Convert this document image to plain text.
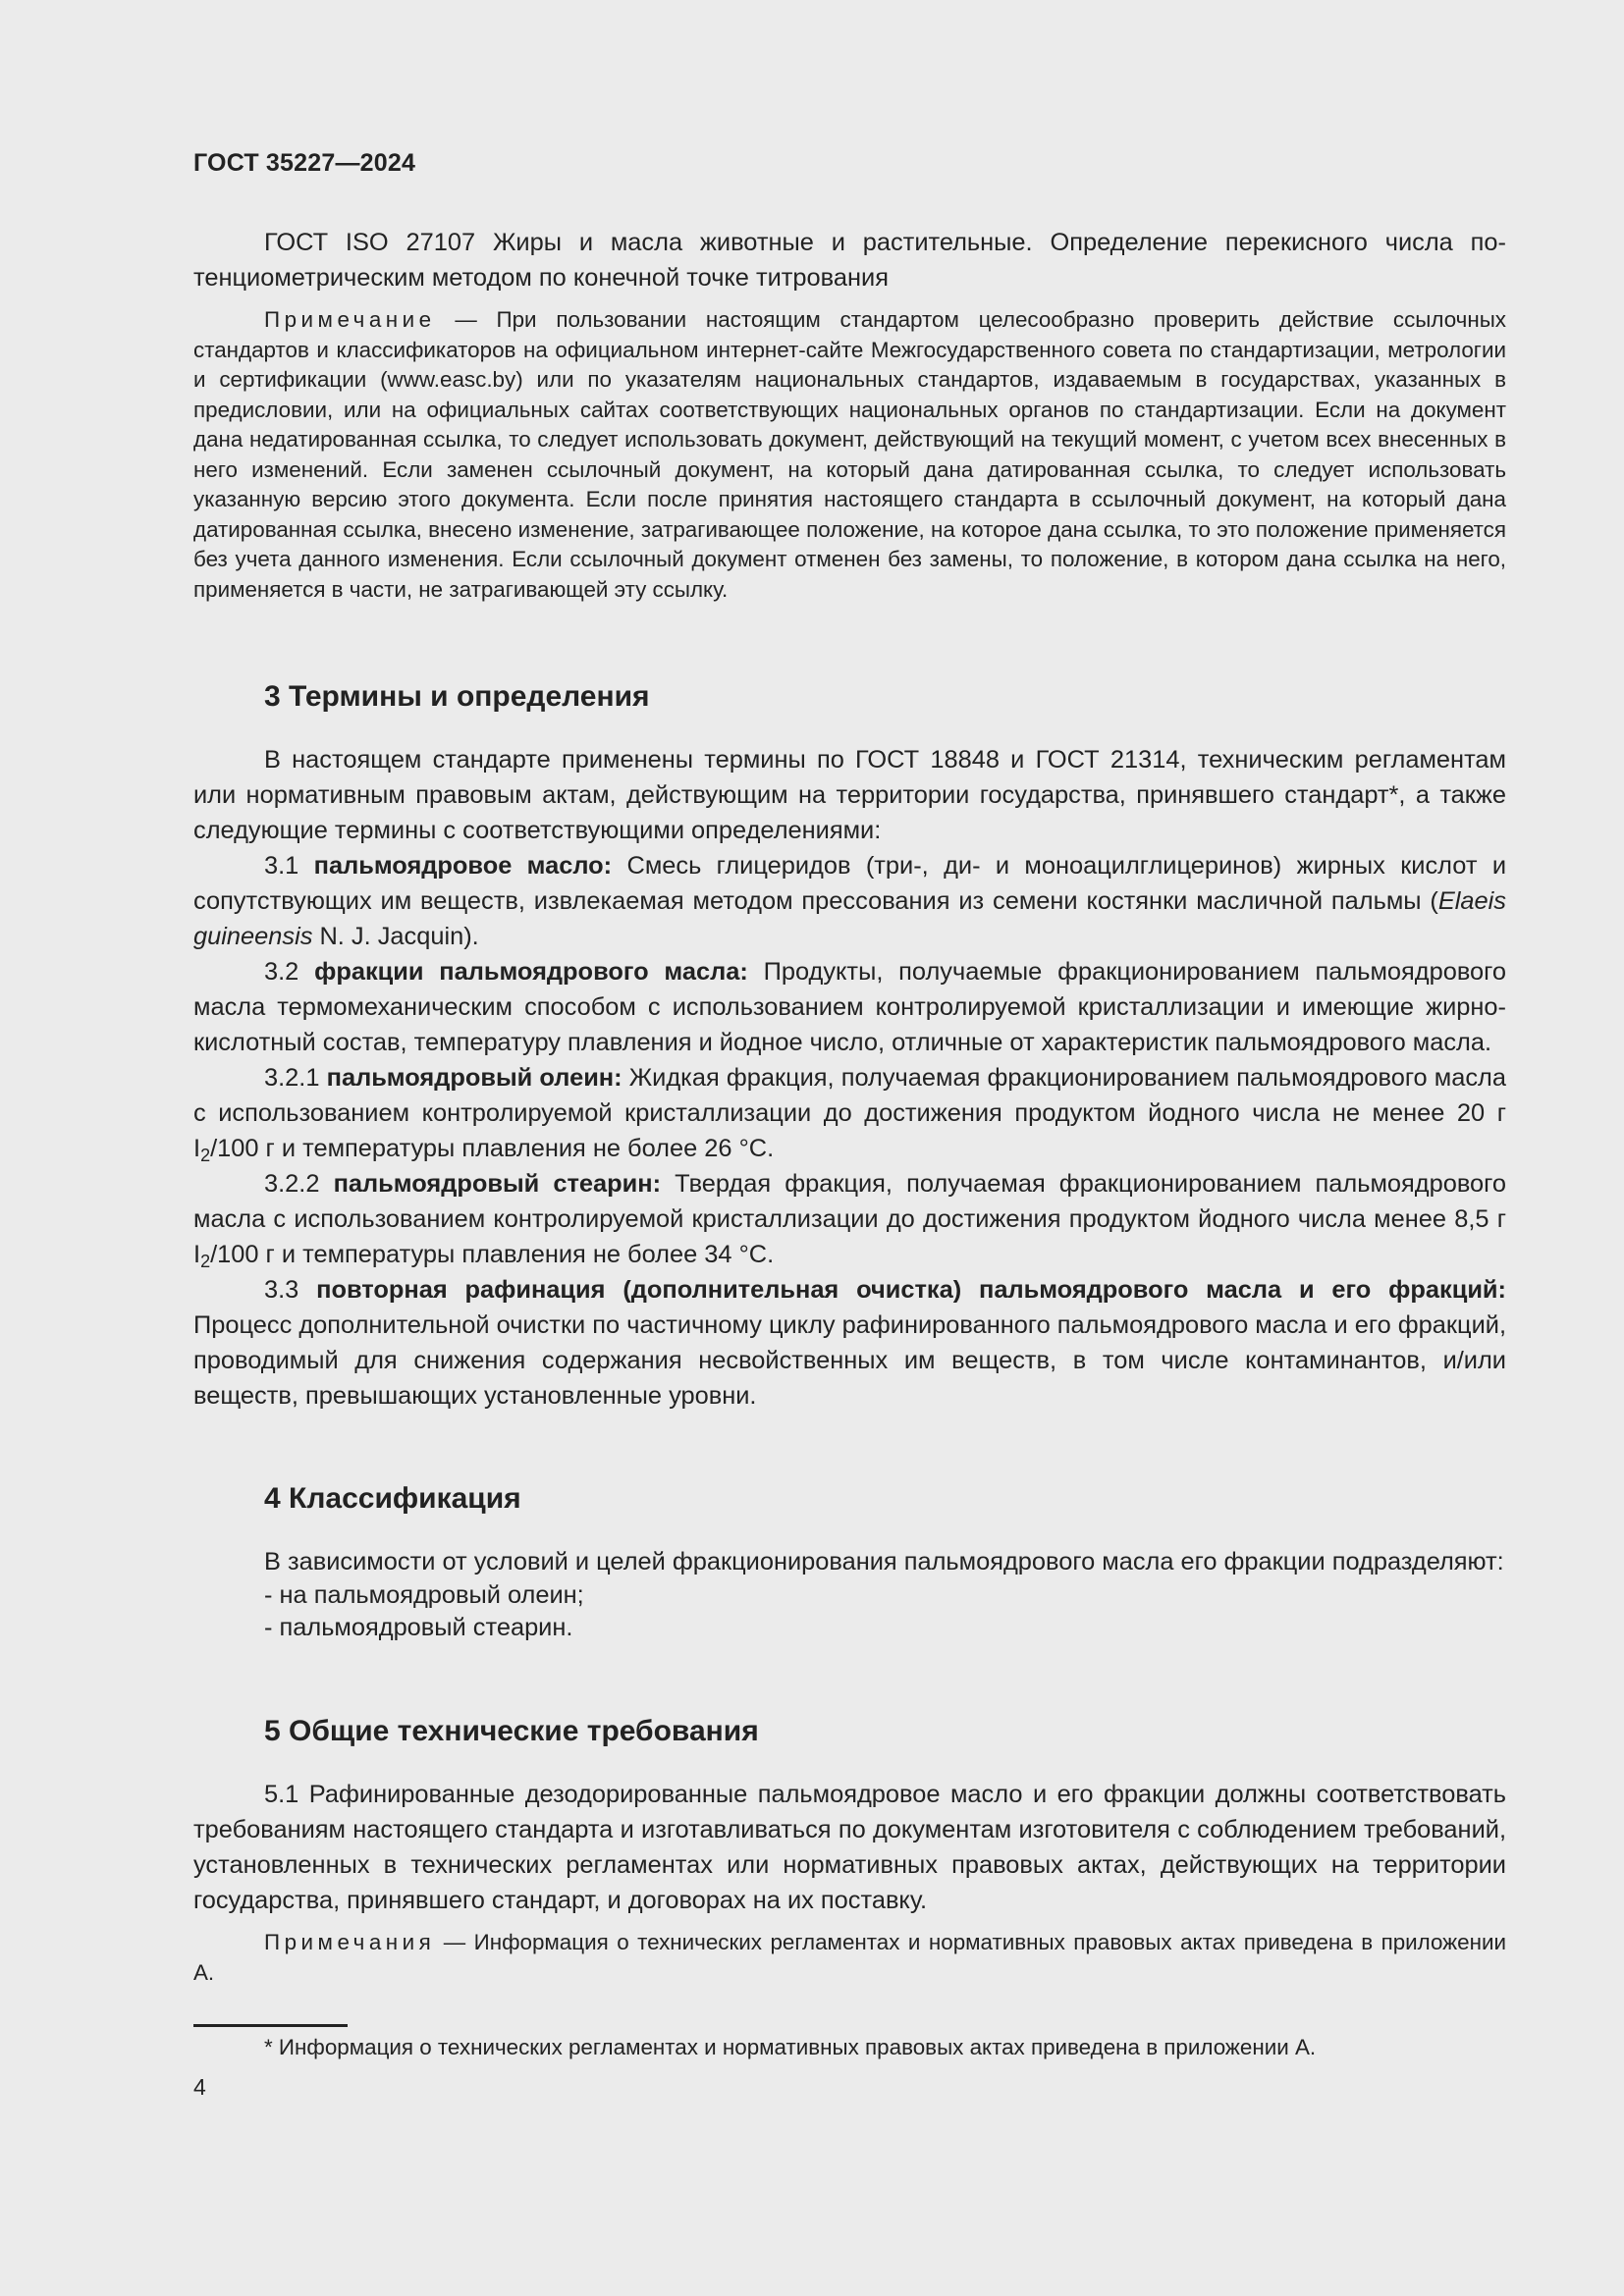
ГОСТ 35227—2024

ГОСТ ISO 27107 Жиры и масла животные и растительные. Определение перекисного числа потенциометрическим методом по конечной точке титрования

Примечание — При пользовании настоящим стандартом целесообразно проверить действие ссылочных стандартов и классификаторов на официальном интернет-сайте Межгосударственного совета по стандартизации, метрологии и сертификации (www.easc.by) или по указателям национальных стандартов, издаваемым в государствах, указанных в предисловии, или на официальных сайтах соответствующих национальных органов по стандартизации. Если на документ дана недатированная ссылка, то следует использовать документ, действующий на текущий момент, с учетом всех внесенных в него изменений. Если заменен ссылочный документ, на который дана датированная ссылка, то следует использовать указанную версию этого документа. Если после принятия настоящего стандарта в ссылочный документ, на который дана датированная ссылка, внесено изменение, затрагивающее положение, на которое дана ссылка, то это положение применяется без учета данного изменения. Если ссылочный документ отменен без замены, то положение, в котором дана ссылка на него, применяется в части, не затрагивающей эту ссылку.

3 Термины и определения

В настоящем стандарте применены термины по ГОСТ 18848 и ГОСТ 21314, техническим регламентам или нормативным правовым актам, действующим на территории государства, принявшего стандарт*, а также следующие термины с соответствующими определениями:

3.1 пальмоядровое масло: Смесь глицеридов (три-, ди- и моноацилглицеринов) жирных кислот и сопутствующих им веществ, извлекаемая методом прессования из семени костянки масличной пальмы (Elaeis guineensis N. J. Jacquin).

3.2 фракции пальмоядрового масла: Продукты, получаемые фракционированием пальмоядрового масла термомеханическим способом с использованием контролируемой кристаллизации и имеющие жирно-кислотный состав, температуру плавления и йодное число, отличные от характеристик пальмоядрового масла.

3.2.1 пальмоядровый олеин: Жидкая фракция, получаемая фракционированием пальмоядрового масла с использованием контролируемой кристаллизации до достижения продуктом йодного числа не менее 20 г $I_2/100$ г и температуры плавления не более 26 °C.

3.2.2 пальмоядровый стеарин: Твердая фракция, получаемая фракционированием пальмоядрового масла с использованием контролируемой кристаллизации до достижения продуктом йодного числа менее 8,5 г $I_2/100$ г и температуры плавления не более 34 °C.

3.3 повторная рафинация (дополнительная очистка) пальмоядрового масла и его фракций: Процесс дополнительной очистки по частичному циклу рафинированного пальмоядрового масла и его фракций, проводимый для снижения содержания несвойственных им веществ, в том числе контаминантов, и/или веществ, превышающих установленные уровни.

4 Классификация

В зависимости от условий и целей фракционирования пальмоядрового масла его фракции подразделяют:

- на пальмоядровый олеин;

- пальмоядровый стеарин.

5 Общие технические требования

5.1 Рафинированные дезодорированные пальмоядровое масло и его фракции должны соответствовать требованиям настоящего стандарта и изготавливаться по документам изготовителя с соблюдением требований, установленных в технических регламентах или нормативных правовых актах, действующих на территории государства, принявшего стандарт, и договорах на их поставку.

Примечания — Информация о технических регламентах и нормативных правовых актах приведена в приложении А.

* Информация о технических регламентах и нормативных правовых актах приведена в приложении А.
4
